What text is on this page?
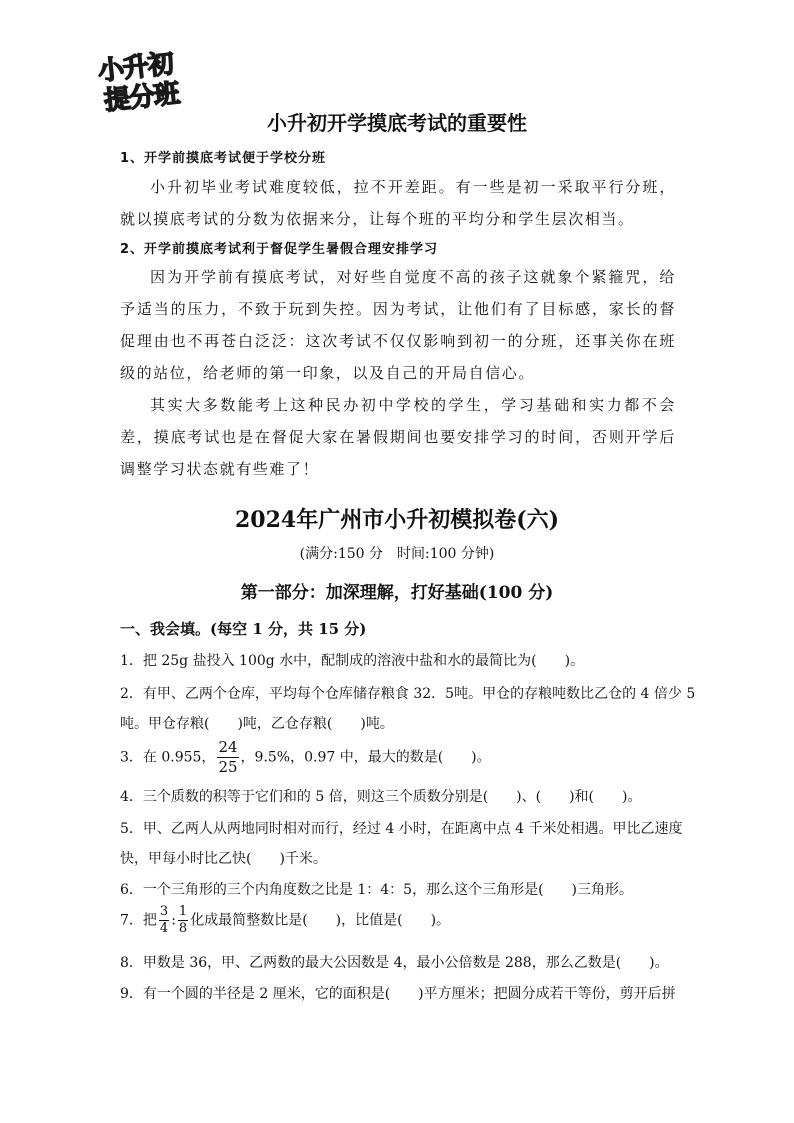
小升初
提分班
小升初开学摸底考试的重要性
1、开学前摸底考试便于学校分班
小升初毕业考试难度较低，拉不开差距。有一些是初一采取平行分班，就以摸底考试的分数为依据来分，让每个班的平均分和学生层次相当。
2、开学前摸底考试利于督促学生暑假合理安排学习
因为开学前有摸底考试，对好些自觉度不高的孩子这就象个紧箍咒，给予适当的压力，不致于玩到失控。因为考试，让他们有了目标感，家长的督促理由也不再苍白泛泛：这次考试不仅仅影响到初一的分班，还事关你在班级的站位，给老师的第一印象，以及自己的开局自信心。
其实大多数能考上这种民办初中学校的学生，学习基础和实力都不会差，摸底考试也是在督促大家在暑假期间也要安排学习的时间，否则开学后调整学习状态就有些难了！
2024年广州市小升初模拟卷(六)
(满分:150 分　时间:100 分钟)
第一部分：加深理解，打好基础(100 分)
一、我会填。(每空 1 分，共 15 分)
1．把 25g 盐投入 100g 水中，配制成的溶液中盐和水的最简比为(　　)。
2．有甲、乙两个仓库，平均每个仓库储存粮食 32．5吨。甲仓的存粮吨数比乙仓的 4 倍少 5
吨。甲仓存粮(　　)吨，乙仓存粮(　　)吨。
3．在 0.955， $\frac{24}{25}$ ，9.5%，0.97 中，最大的数是(　　)。
4．三个质数的积等于它们和的 5 倍，则这三个质数分别是(　　)、(　　)和(　　)。
5．甲、乙两人从两地同时相对而行，经过 4 小时，在距离中点 4 千米处相遇。甲比乙速度
快，甲每小时比乙快(　　)千米。
6．一个三角形的三个内角度数之比是 1：4：5，那么这个三角形是(　　)三角形。
7．把 $\frac{3}{4}$ : $\frac{1}{8}$ 化成最简整数比是(　　)，比值是(　　)。
8．甲数是 36，甲、乙两数的最大公因数是 4，最小公倍数是 288，那么乙数是(　　)。
9．有一个圆的半径是 2 厘米，它的面积是(　　)平方厘米；把圆分成若干等份，剪开后拼
